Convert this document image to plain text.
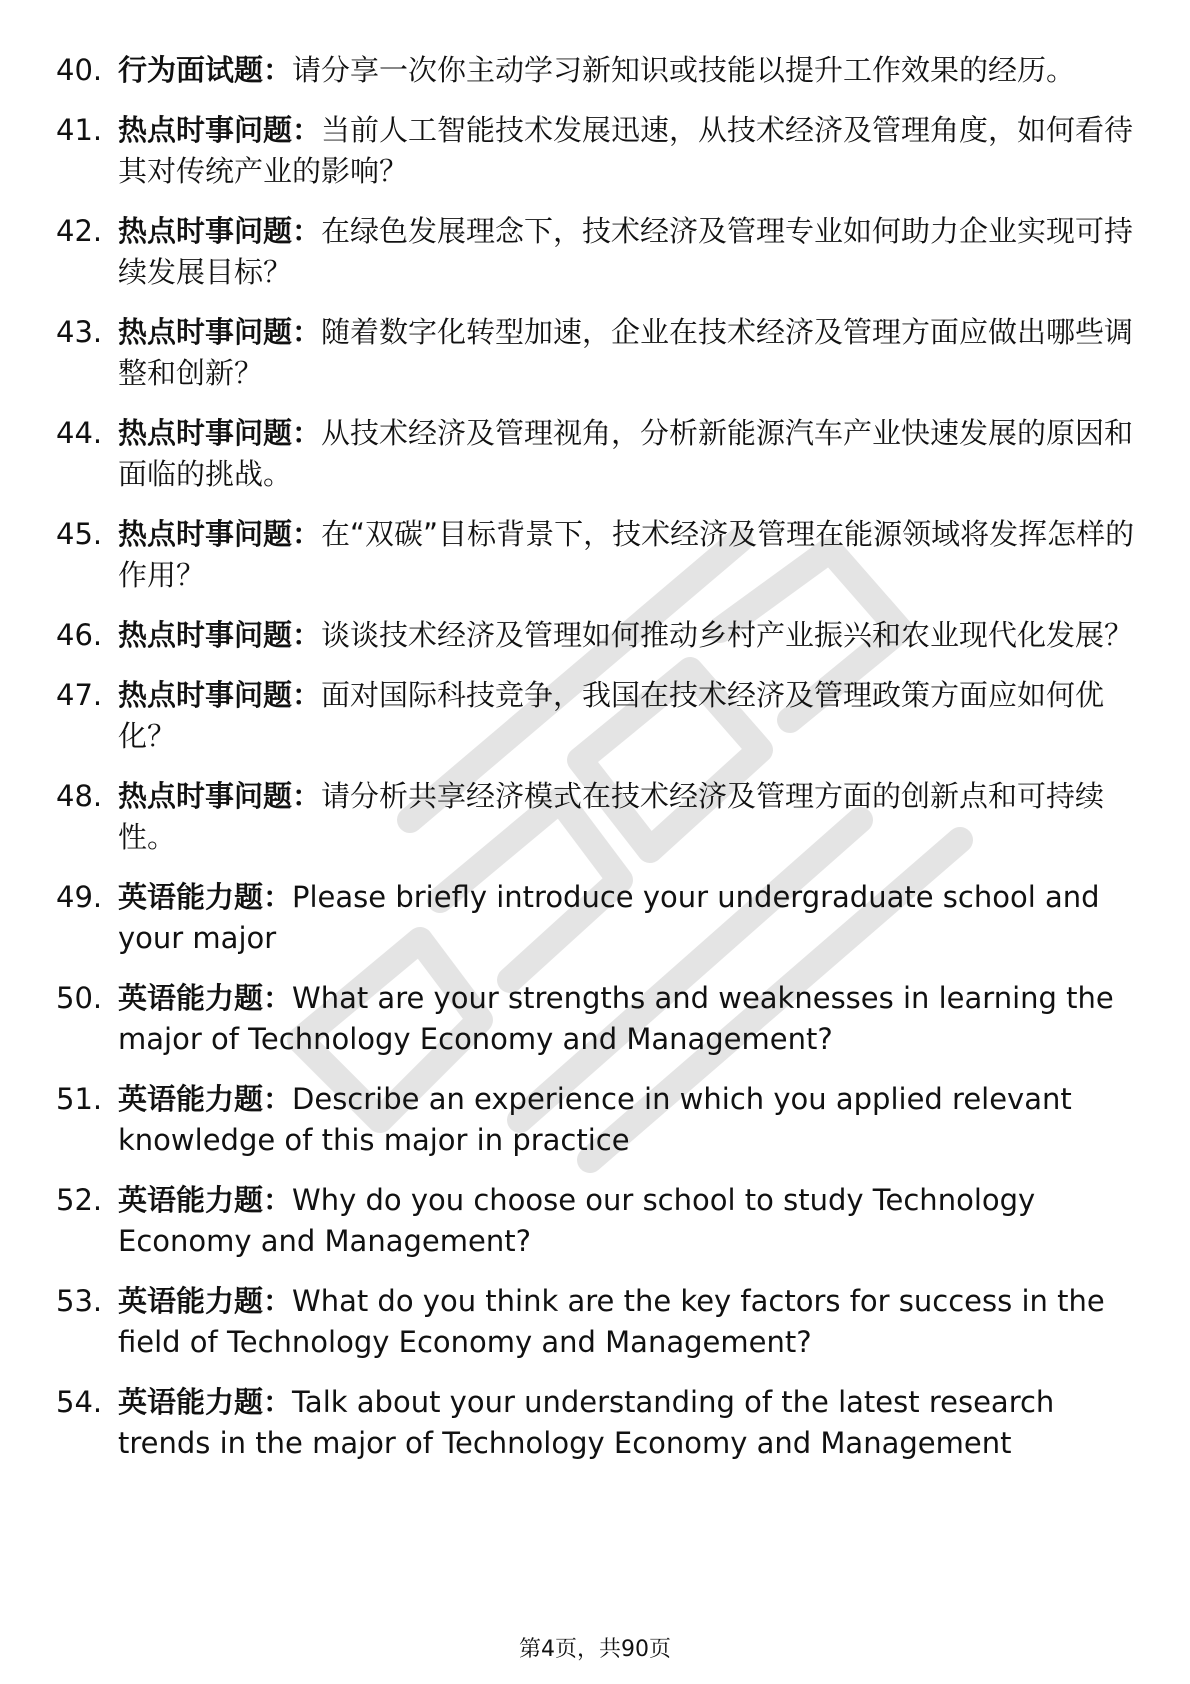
40. 行为面试题：请分享一次你主动学习新知识或技能以提升工作效果的经历。
41. 热点时事问题：当前人工智能技术发展迅速，从技术经济及管理角度，如何看待其对传统产业的影响？
42. 热点时事问题：在绿色发展理念下，技术经济及管理专业如何助力企业实现可持续发展目标？
43. 热点时事问题：随着数字化转型加速，企业在技术经济及管理方面应做出哪些调整和创新？
44. 热点时事问题：从技术经济及管理视角，分析新能源汽车产业快速发展的原因和面临的挑战。
45. 热点时事问题：在“双碳”目标背景下，技术经济及管理在能源领域将发挥怎样的作用？
46. 热点时事问题：谈谈技术经济及管理如何推动乡村产业振兴和农业现代化发展？
47. 热点时事问题：面对国际科技竞争，我国在技术经济及管理政策方面应如何优化？
48. 热点时事问题：请分析共享经济模式在技术经济及管理方面的创新点和可持续性。
49. 英语能力题：Please briefly introduce your undergraduate school and your major
50. 英语能力题：What are your strengths and weaknesses in learning the major of Technology Economy and Management?
51. 英语能力题：Describe an experience in which you applied relevant knowledge of this major in practice
52. 英语能力题：Why do you choose our school to study Technology Economy and Management?
53. 英语能力题：What do you think are the key factors for success in the field of Technology Economy and Management?
54. 英语能力题：Talk about your understanding of the latest research trends in the major of Technology Economy and Management
第4页，共90页
